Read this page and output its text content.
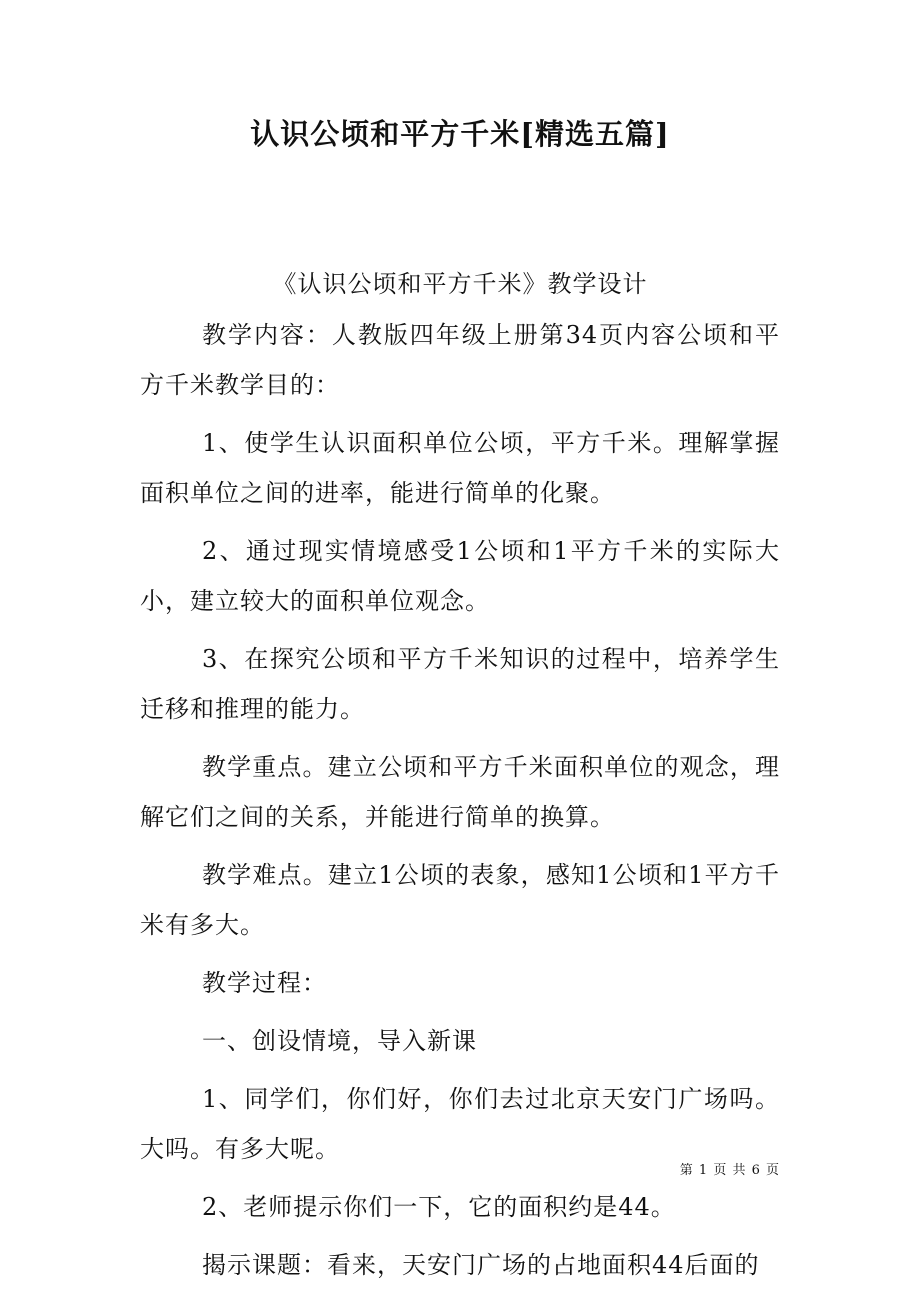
认识公顷和平方千米[精选五篇]

《认识公顷和平方千米》教学设计

教学内容：人教版四年级上册第34页内容公顷和平方千米教学目的：

1、使学生认识面积单位公顷，平方千米。理解掌握面积单位之间的进率，能进行简单的化聚。

2、通过现实情境感受1公顷和1平方千米的实际大小，建立较大的面积单位观念。

3、在探究公顷和平方千米知识的过程中，培养学生迁移和推理的能力。

教学重点。建立公顷和平方千米面积单位的观念，理解它们之间的关系，并能进行简单的换算。

教学难点。建立1公顷的表象，感知1公顷和1平方千米有多大。

教学过程：

一、创设情境，导入新课

1、同学们，你们好，你们去过北京天安门广场吗。大吗。有多大呢。

2、老师提示你们一下，它的面积约是44。

揭示课题：看来，天安门广场的占地面积44后面的

第 1 页 共 6 页
